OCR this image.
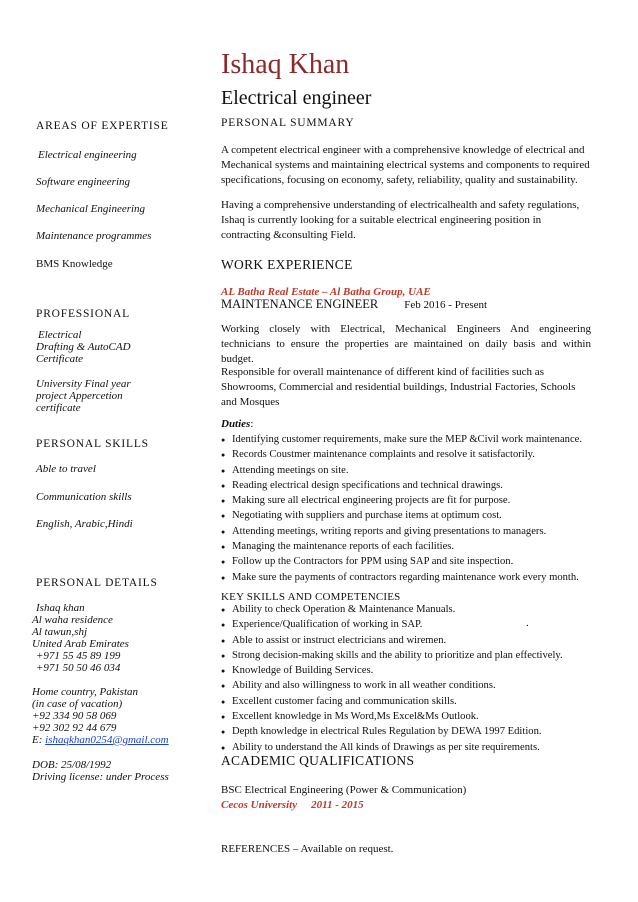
Ishaq Khan
Electrical engineer
AREAS OF EXPERTISE
Electrical engineering
Software engineering
Mechanical Engineering
Maintenance programmes
BMS Knowledge
PROFESSIONAL
Electrical
Drafting & AutoCAD
Certificate
University Final year
project Appercetion
certificate
PERSONAL SKILLS
Able to travel
Communication skills
English, Arabic,Hindi
PERSONAL DETAILS
Ishaq khan
Al waha residence
Al tawun,shj
United Arab Emirates
+971 55 45 89 199
+971 50 50 46 034
Home country, Pakistan
(in case of vacation)
+92 334 90 58 069
+92 302 92 44 679
E: ishaqkhan0254@gmail.com
DOB: 25/08/1992
Driving license: under Process
PERSONAL SUMMARY
A competent electrical engineer with a comprehensive knowledge of electrical and Mechanical systems and maintaining electrical systems and components to required specifications, focusing on economy, safety, reliability, quality and sustainability.
Having a comprehensive understanding of electricalhealth and safety regulations, Ishaq is currently looking for a suitable electrical engineering position in contracting &consulting Field.
WORK EXPERIENCE
AL Batha Real Estate – Al Batha Group, UAE
MAINTENANCE ENGINEER Feb 2016 - Present
Working closely with Electrical, Mechanical Engineers And engineering technicians to ensure the properties are maintained on daily basis and within budget.
Responsible for overall maintenance of different kind of facilities such as Showrooms, Commercial and residential buildings, Industrial Factories, Schools and Mosques
Duties:
● Identifying customer requirements, make sure the MEP &Civil work maintenance.
● Records Coustmer maintenance complaints and resolve it satisfactorily.
● Attending meetings on site.
● Reading electrical design specifications and technical drawings.
● Making sure all electrical engineering projects are fit for purpose.
● Negotiating with suppliers and purchase items at optimum cost.
● Attending meetings, writing reports and giving presentations to managers.
● Managing the maintenance reports of each facilities.
● Follow up the Contractors for PPM using SAP and site inspection.
● Make sure the payments of contractors regarding maintenance work every month.
KEY SKILLS AND COMPETENCIES
● Ability to check Operation & Maintenance Manuals.
● Experience/Qualification of working in SAP.
● Able to assist or instruct electricians and wiremen.
● Strong decision-making skills and the ability to prioritize and plan effectively.
● Knowledge of Building Services.
● Ability and also willingness to work in all weather conditions.
● Excellent customer facing and communication skills.
● Excellent knowledge in Ms Word,Ms Excel&Ms Outlook.
● Depth knowledge in electrical Rules Regulation by DEWA 1997 Edition.
● Ability to understand the All kinds of Drawings as per site requirements.
.
ACADEMIC QUALIFICATIONS
BSC Electrical Engineering (Power & Communication)
Cecos University 2011 - 2015
REFERENCES – Available on request.
